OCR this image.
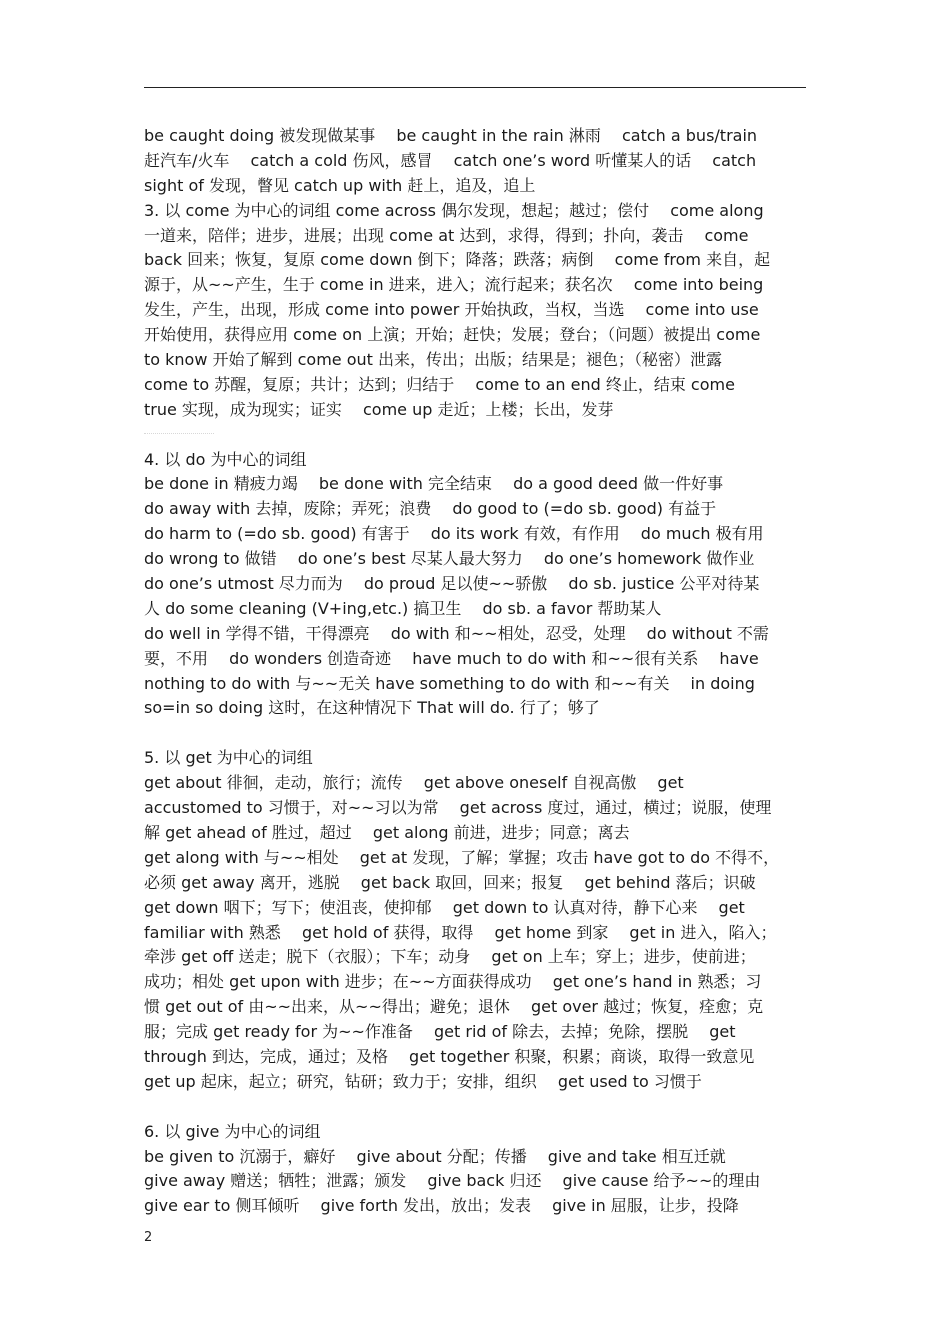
be caught doing 被发现做某事　 be caught in the rain 淋雨　 catch a bus/train
赶汽车/火车　 catch a cold 伤风，感冒　 catch one’s word 听懂某人的话　 catch
sight of 发现，瞥见 catch up with 赶上，追及，追上
3. 以 come 为中心的词组 come across 偶尔发现，想起；越过；偿付　 come along
一道来，陪伴；进步，进展；出现 come at 达到，求得，得到；扑向，袭击　 come
back 回来；恢复，复原 come down 倒下；降落；跌落；病倒　 come from 来自，起
源于，从~~产生，生于 come in 进来，进入；流行起来；获名次　 come into being
发生，产生，出现，形成 come into power 开始执政，当权，当选　 come into use
开始使用，获得应用 come on 上演；开始；赶快；发展；登台；（问题）被提出 come
to know 开始了解到 come out 出来，传出；出版；结果是；褪色；（秘密）泄露
come to 苏醒，复原；共计；达到；归结于　 come to an end 终止，结束 come
true 实现，成为现实；证实　 come up 走近；上楼；长出，发芽
4. 以 do 为中心的词组
be done in 精疲力竭　 be done with 完全结束　 do a good deed 做一件好事
do away with 去掉，废除；弄死；浪费　 do good to (=do sb. good) 有益于
do harm to (=do sb. good) 有害于　 do its work 有效，有作用　 do much 极有用
do wrong to 做错　 do one’s best 尽某人最大努力　 do one’s homework 做作业
do one’s utmost 尽力而为　 do proud 足以使~~骄傲　 do sb. justice 公平对待某
人 do some cleaning (V+ing,etc.) 搞卫生　 do sb. a favor 帮助某人
do well in 学得不错，干得漂亮　 do with 和~~相处，忍受，处理　 do without 不需
要，不用　 do wonders 创造奇迹　 have much to do with 和~~很有关系　 have
nothing to do with 与~~无关 have something to do with 和~~有关　 in doing
so=in so doing 这时，在这种情况下 That will do. 行了；够了
5. 以 get 为中心的词组
get about 徘徊，走动，旅行；流传　 get above oneself 自视高傲　 get
accustomed to 习惯于，对~~习以为常　 get across 度过，通过，横过；说服，使理
解 get ahead of 胜过，超过　 get along 前进，进步；同意；离去
get along with 与~~相处　 get at 发现，了解；掌握；攻击 have got to do 不得不，
必须 get away 离开，逃脱　 get back 取回，回来；报复　 get behind 落后；识破
get down 咽下；写下；使沮丧，使抑郁　 get down to 认真对待，静下心来　 get
familiar with 熟悉　 get hold of 获得，取得　 get home 到家　 get in 进入，陷入；
牵涉 get off 送走；脱下（衣服）；下车；动身　 get on 上车；穿上；进步，使前进；
成功；相处 get upon with 进步；在~~方面获得成功　 get one’s hand in 熟悉；习
惯 get out of 由~~出来，从~~得出；避免；退休　 get over 越过；恢复，痊愈；克
服；完成 get ready for 为~~作准备　 get rid of 除去，去掉；免除，摆脱　 get
through 到达，完成，通过；及格　 get together 积聚，积累；商谈，取得一致意见
get up 起床，起立；研究，钻研；致力于；安排，组织　 get used to 习惯于
6. 以 give 为中心的词组
be given to 沉溺于，癖好　 give about 分配；传播　 give and take 相互迁就
give away 赠送；牺牲；泄露；颁发　 give back 归还　 give cause 给予~~的理由
give ear to 侧耳倾听　 give forth 发出，放出；发表　 give in 屈服，让步，投降
2
